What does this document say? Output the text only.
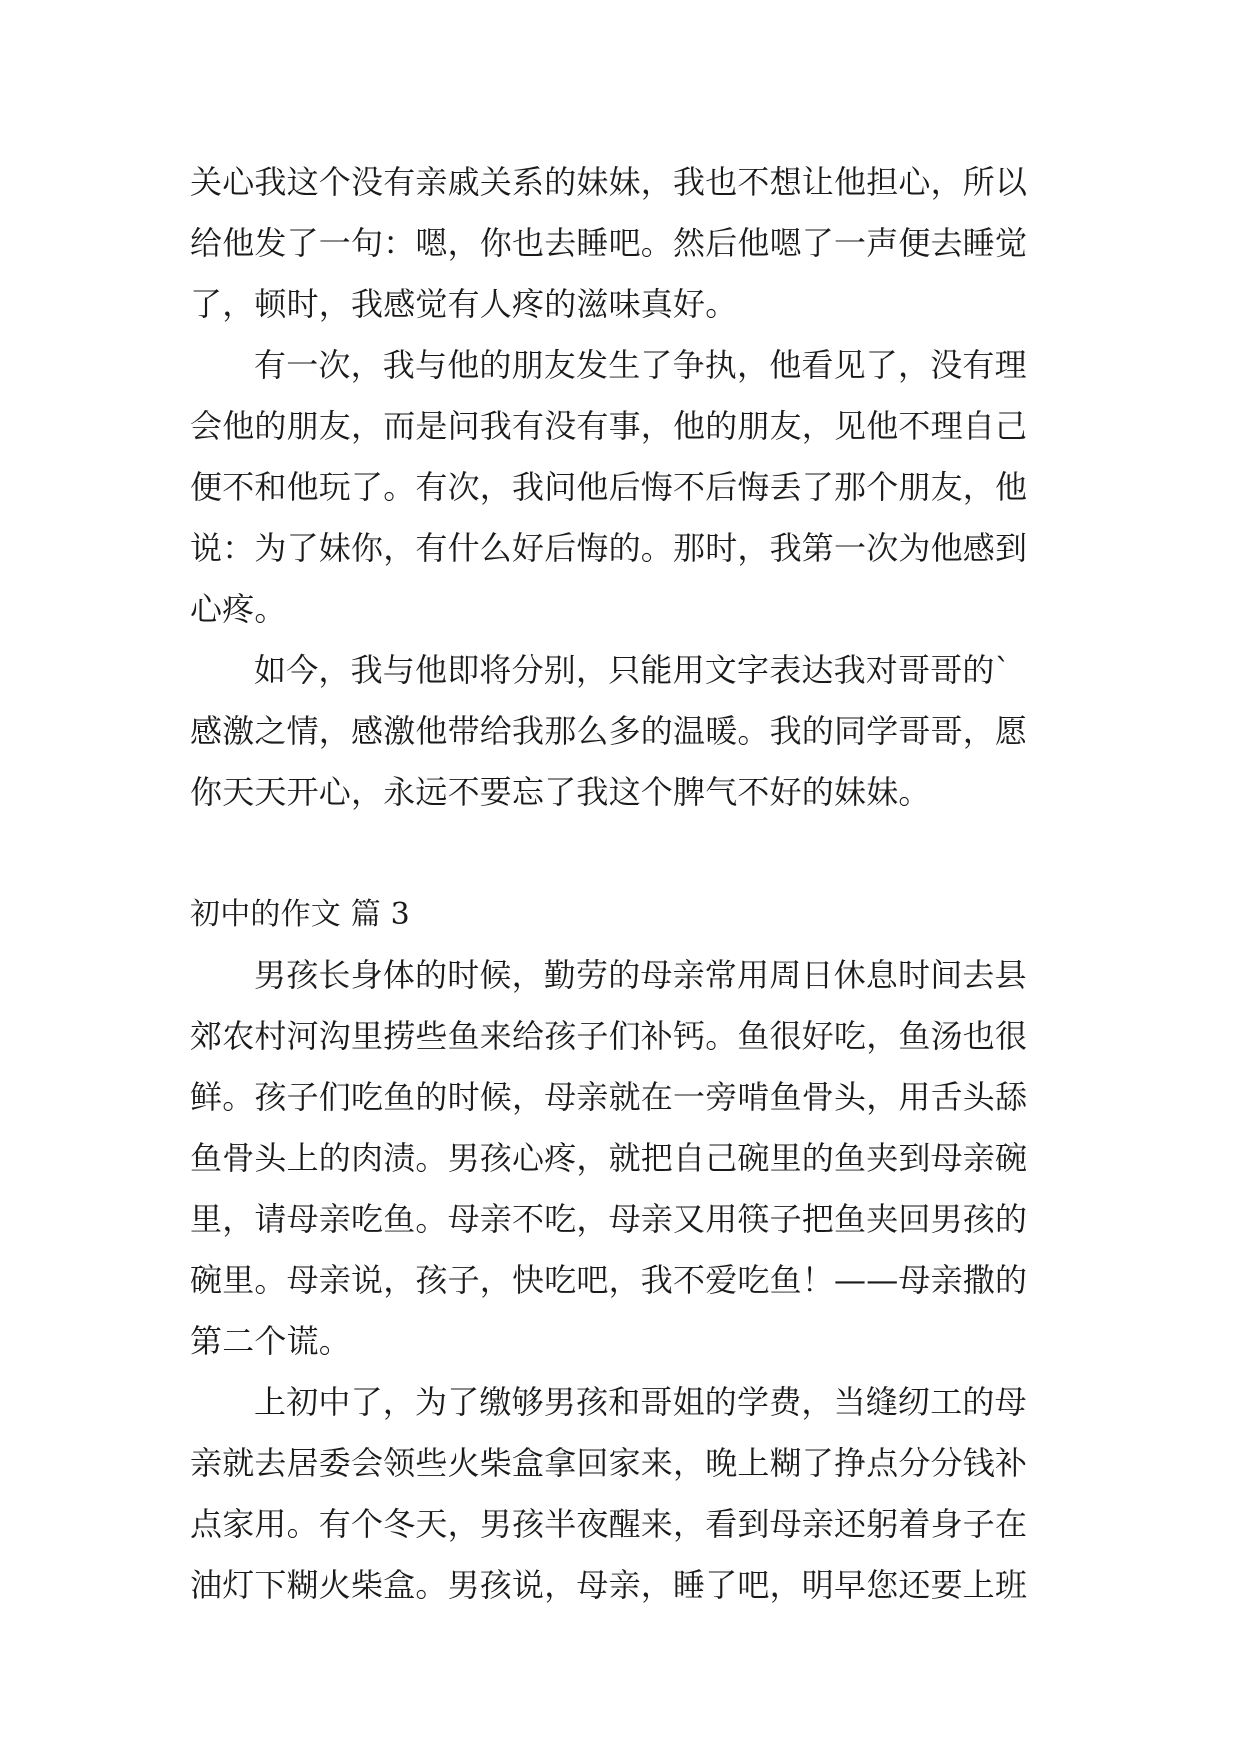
关心我这个没有亲戚关系的妹妹，我也不想让他担心，所以
给他发了一句：嗯，你也去睡吧。然后他嗯了一声便去睡觉
了，顿时，我感觉有人疼的滋味真好。
有一次，我与他的朋友发生了争执，他看见了，没有理
会他的朋友，而是问我有没有事，他的朋友，见他不理自己
便不和他玩了。有次，我问他后悔不后悔丢了那个朋友，他
说：为了妹你，有什么好后悔的。那时，我第一次为他感到
心疼。
如今，我与他即将分别，只能用文字表达我对哥哥的`
感激之情，感激他带给我那么多的温暖。我的同学哥哥，愿
你天天开心，永远不要忘了我这个脾气不好的妹妹。
初中的作文 篇 3
男孩长身体的时候，勤劳的母亲常用周日休息时间去县
郊农村河沟里捞些鱼来给孩子们补钙。鱼很好吃，鱼汤也很
鲜。孩子们吃鱼的时候，母亲就在一旁啃鱼骨头，用舌头舔
鱼骨头上的肉渍。男孩心疼，就把自己碗里的鱼夹到母亲碗
里，请母亲吃鱼。母亲不吃，母亲又用筷子把鱼夹回男孩的
碗里。母亲说，孩子，快吃吧，我不爱吃鱼！——母亲撒的
第二个谎。
上初中了，为了缴够男孩和哥姐的学费，当缝纫工的母
亲就去居委会领些火柴盒拿回家来，晚上糊了挣点分分钱补
点家用。有个冬天，男孩半夜醒来，看到母亲还躬着身子在
油灯下糊火柴盒。男孩说，母亲，睡了吧，明早您还要上班
